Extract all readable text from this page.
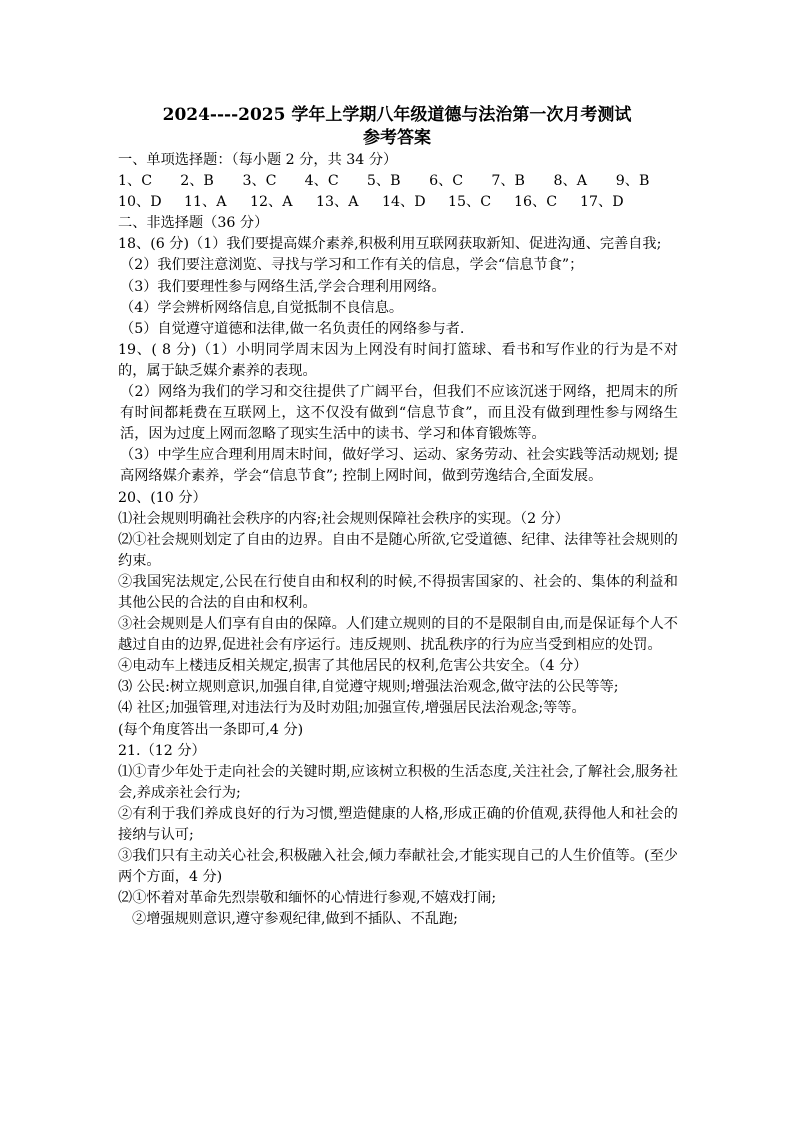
2024----2025 学年上学期八年级道德与法治第一次月考测试
参考答案
一、单项选择题：（每小题 2 分，共 34 分）
1、C	2、B	3、C	4、C	5、B	6、C	7、B	8、A	9、B
10、D	11、A	12、A	13、A	14、D	15、C	16、C	17、D
二、非选择题（36 分）
18、(6 分)（1）我们要提高媒介素养,积极利用互联网获取新知、促进沟通、完善自我;
（2）我们要注意浏览、寻找与学习和工作有关的信息，学会“信息节食”；
（3）我们要理性参与网络生活,学会合理利用网络。
（4）学会辨析网络信息,自觉抵制不良信息。
（5）自觉遵守道德和法律,做一名负责任的网络参与者.
19、( 8 分)（1）小明同学周末因为上网没有时间打篮球、看书和写作业的行为是不对的，属于缺乏媒介素养的表现。
（2）网络为我们的学习和交往提供了广阔平台，但我们不应该沉迷于网络，把周末的所有时间都耗费在互联网上，这不仅没有做到“信息节食”，而且没有做到理性参与网络生活，因为过度上网而忽略了现实生活中的读书、学习和体育锻炼等。
（3）中学生应合理利用周末时间，做好学习、运动、家务劳动、社会实践等活动规划; 提高网络媒介素养，学会“信息节食”; 控制上网时间，做到劳逸结合,全面发展。
20、(10 分）
⑴社会规则明确社会秩序的内容;社会规则保障社会秩序的实现。（2 分）
⑵①社会规则划定了自由的边界。自由不是随心所欲,它受道德、纪律、法律等社会规则的约束。
②我国宪法规定,公民在行使自由和权利的时候,不得损害国家的、社会的、集体的利益和其他公民的合法的自由和权利。
③社会规则是人们享有自由的保障。人们建立规则的目的不是限制自由,而是保证每个人不越过自由的边界,促进社会有序运行。违反规则、扰乱秩序的行为应当受到相应的处罚。
④电动车上楼违反相关规定,损害了其他居民的权利,危害公共安全。（4 分）
⑶ 公民:树立规则意识,加强自律,自觉遵守规则;增强法治观念,做守法的公民等等;
⑷ 社区;加强管理,对违法行为及时劝阻;加强宣传,增强居民法治观念;等等。
(每个角度答出一条即可,4 分)
21.（12 分）
⑴①青少年处于走向社会的关键时期,应该树立积极的生活态度,关注社会,了解社会,服务社会,养成亲社会行为;
②有利于我们养成良好的行为习惯,塑造健康的人格,形成正确的价值观,获得他人和社会的接纳与认可;
③我们只有主动关心社会,积极融入社会,倾力奉献社会,才能实现自己的人生价值等。(至少两个方面，4 分)
⑵①怀着对革命先烈崇敬和缅怀的心情进行参观,不嬉戏打闹;
②增强规则意识,遵守参观纪律,做到不插队、不乱跑;
